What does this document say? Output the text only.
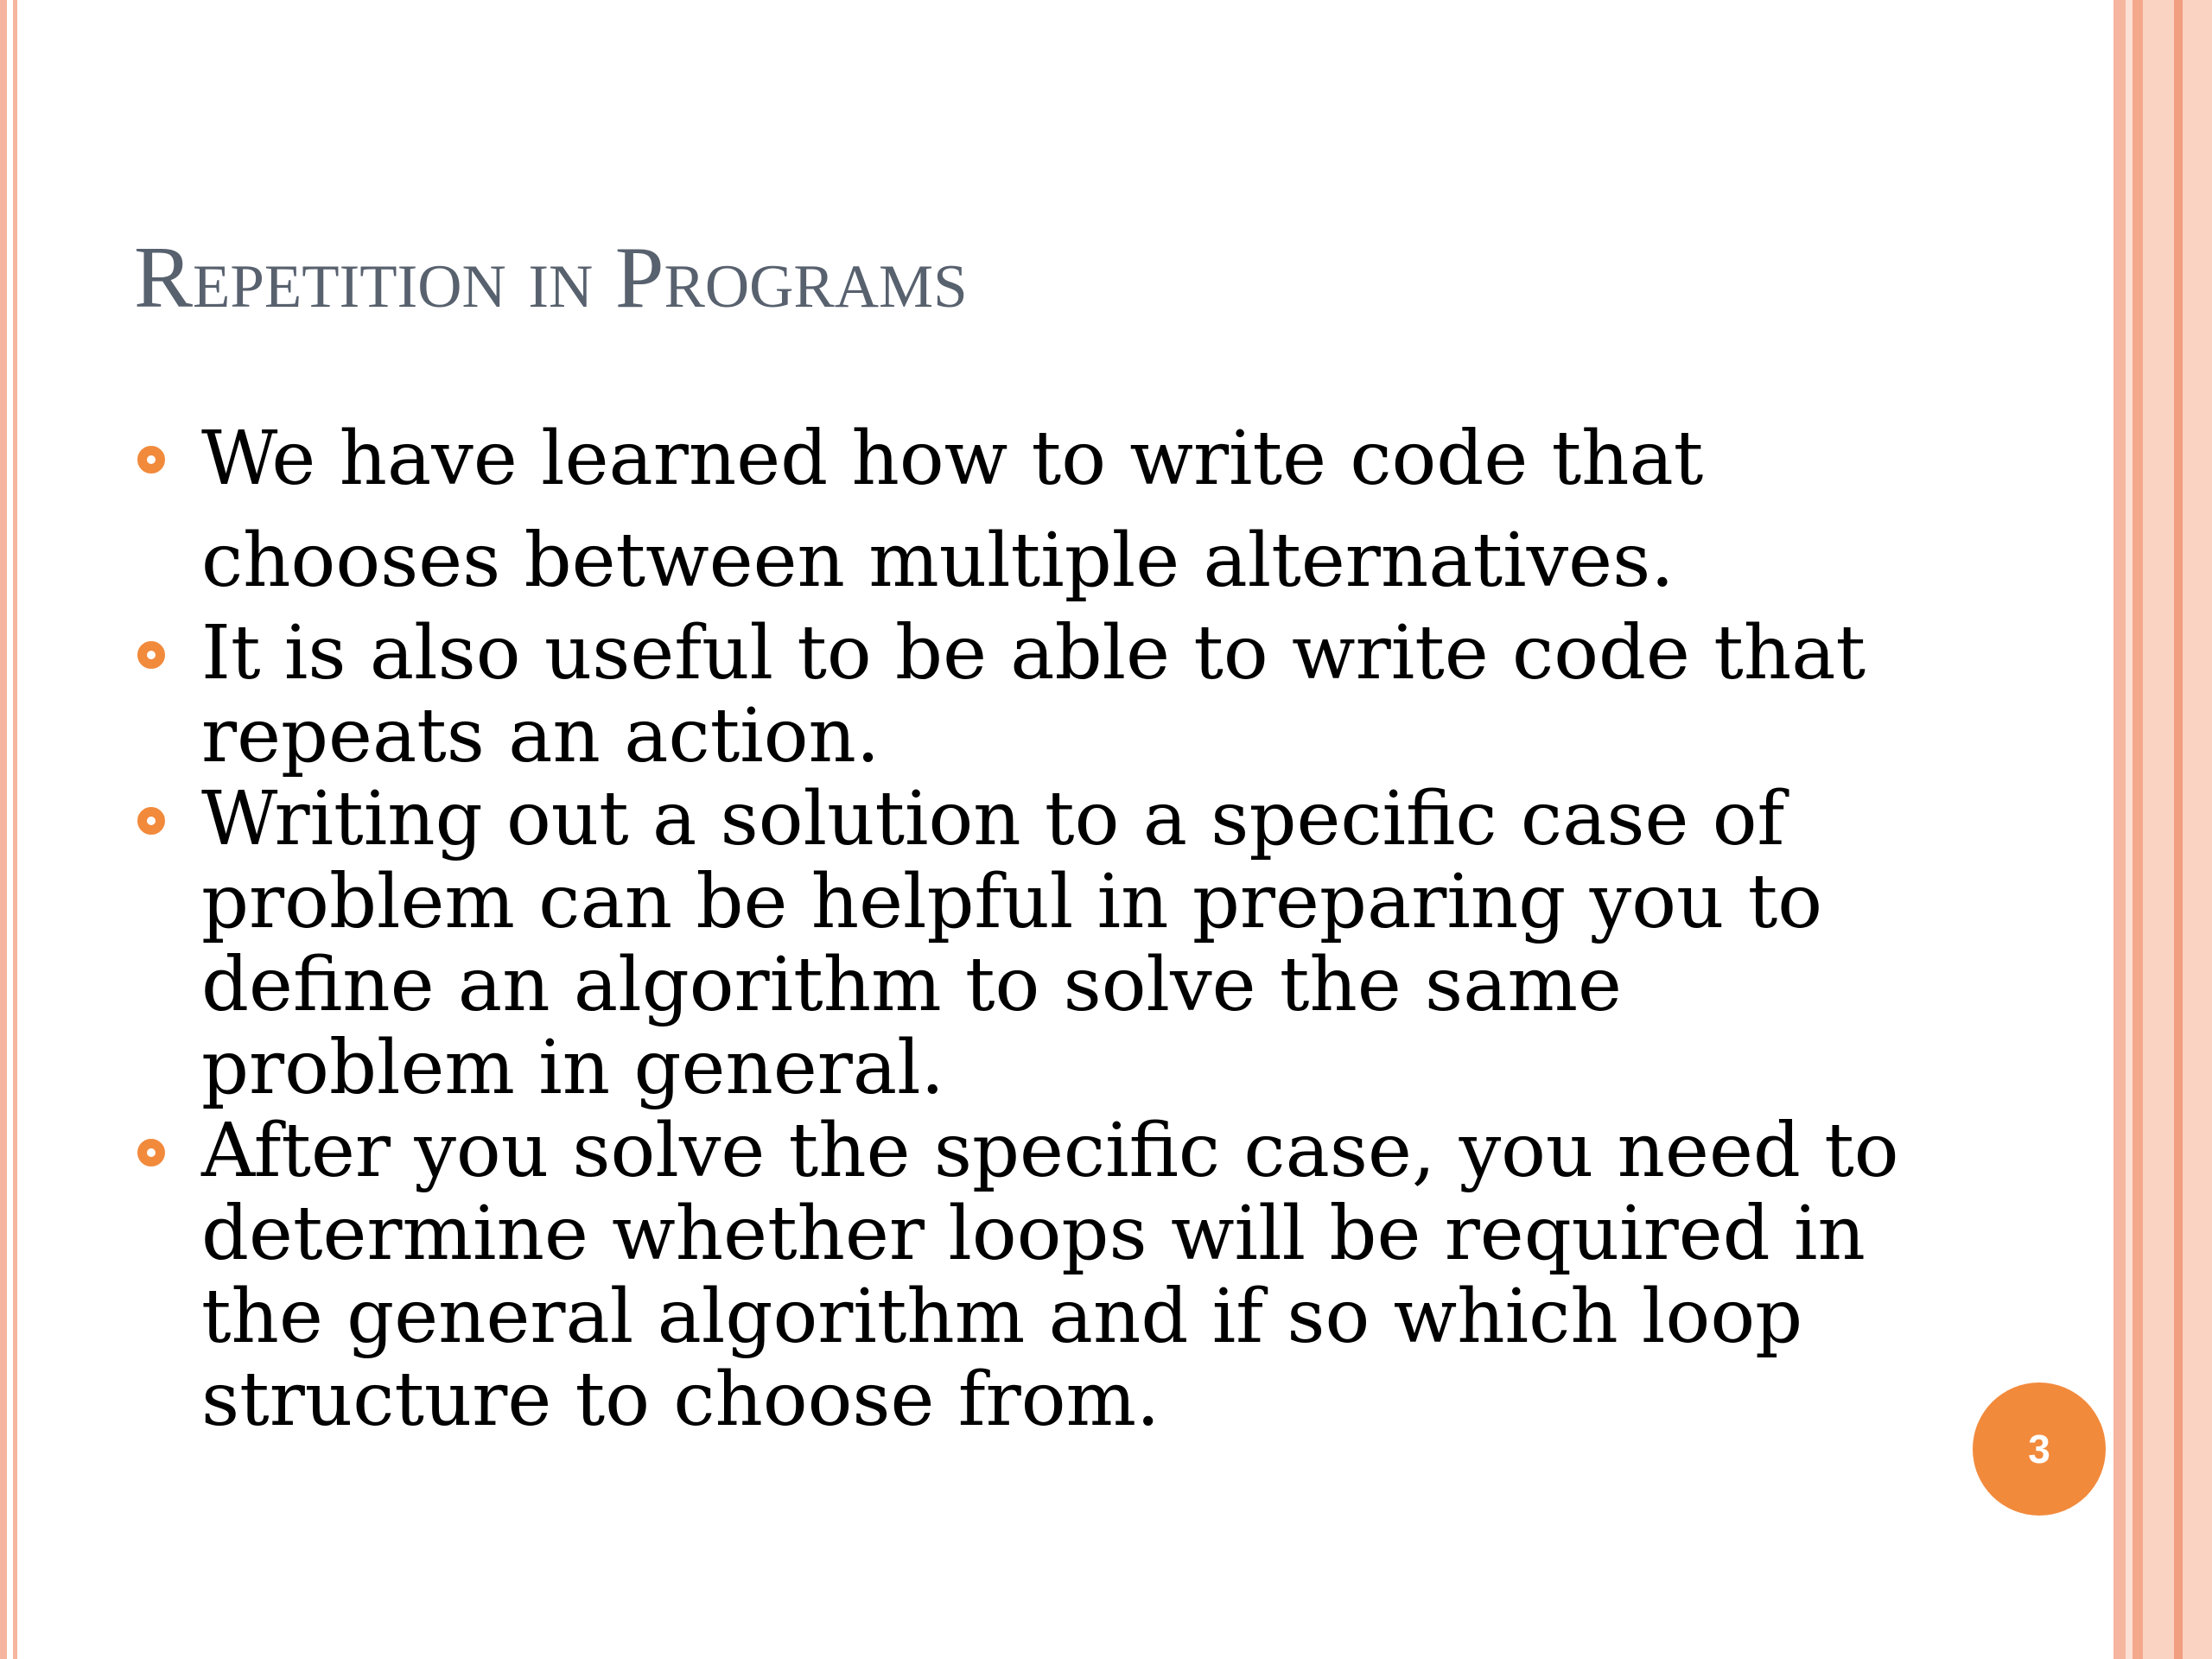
Repetition in Programs
We have learned how to write code that chooses between multiple alternatives.
It is also useful to be able to write code that repeats an action.
Writing out a solution to a specific case of problem can be helpful in preparing you to define an algorithm to solve the same problem in general.
After you solve the specific case, you need to determine whether loops will be required in the general algorithm and if so which loop structure to choose from.
3
